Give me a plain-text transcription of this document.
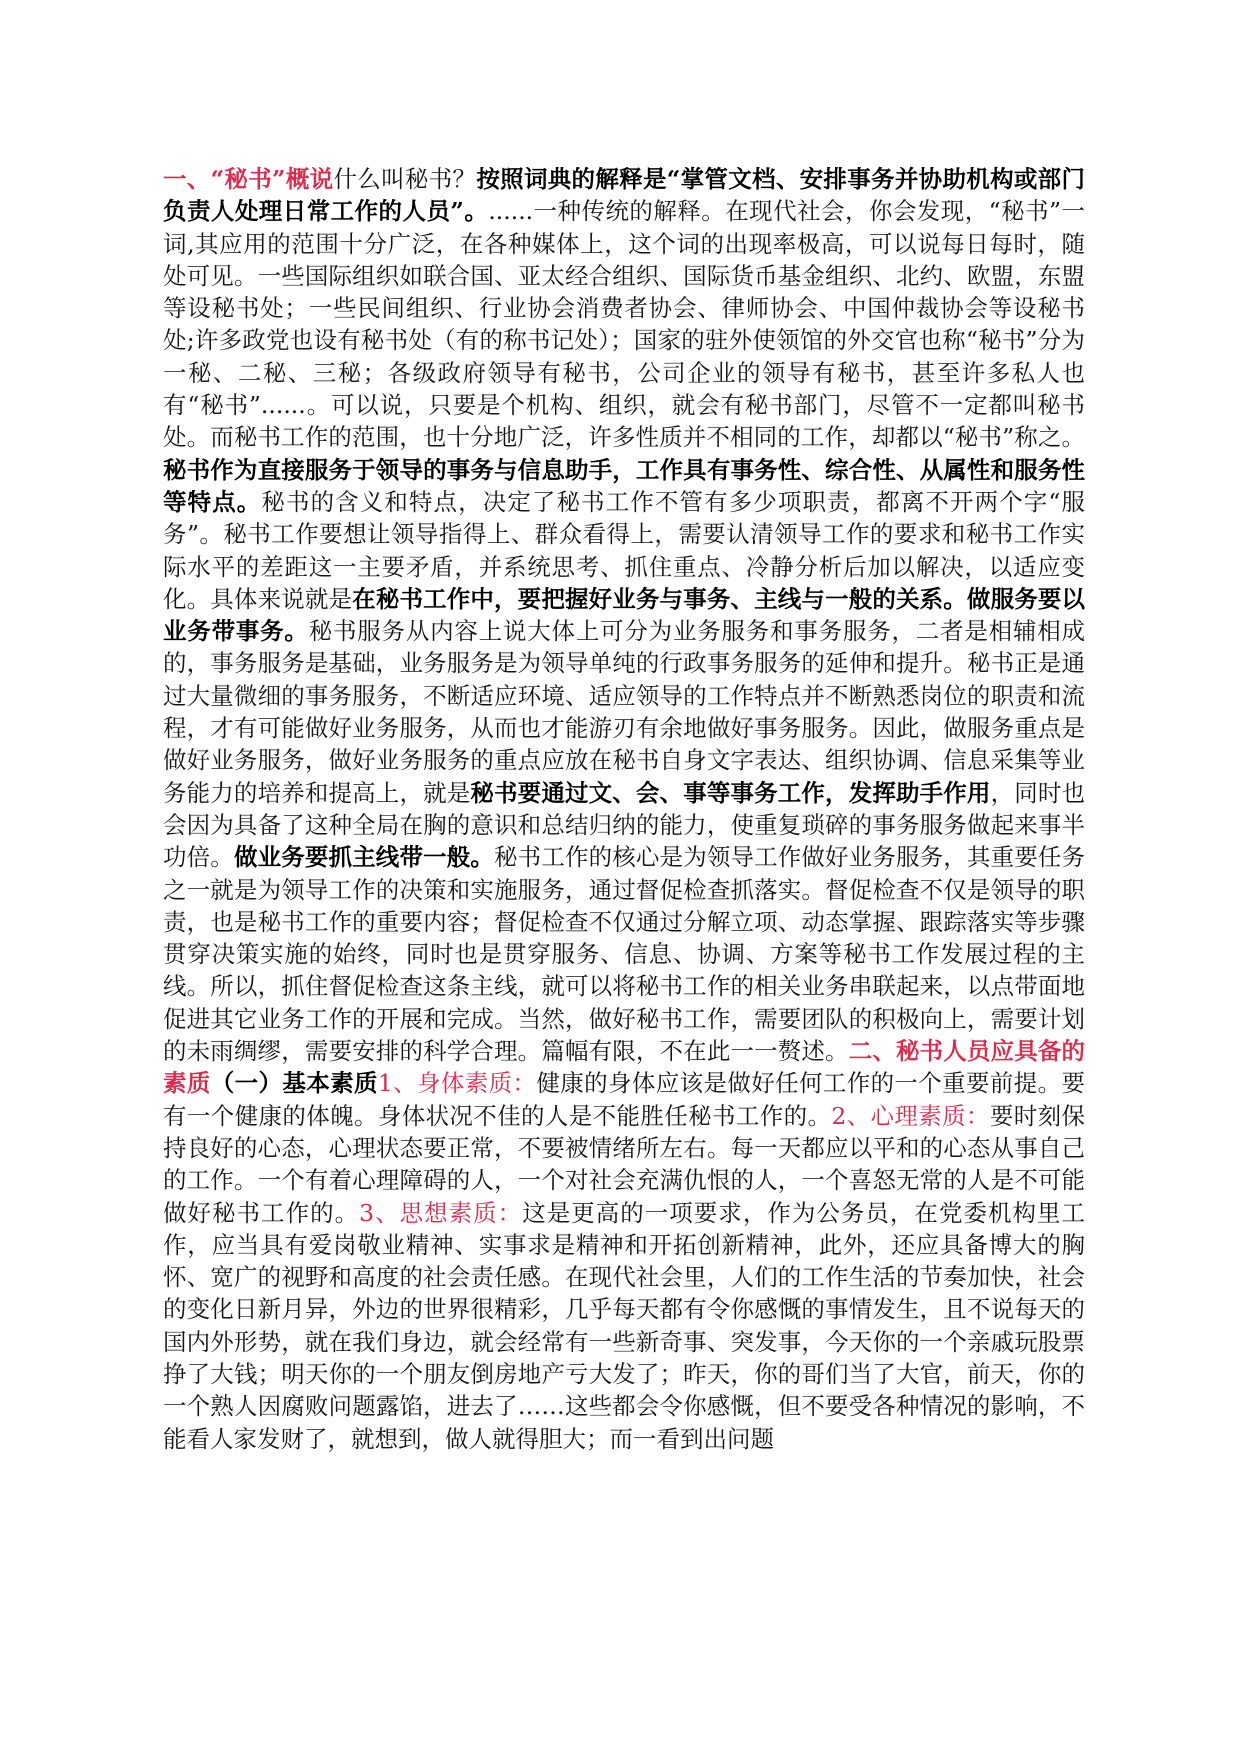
一、“秘书”概说什么叫秘书？按照词典的解释是“掌管文档、安排事务并协助机构或部门负责人处理日常工作的人员”。......一种传统的解释。在现代社会，你会发现，“秘书”一词,其应用的范围十分广泛，在各种媒体上，这个词的出现率极高，可以说每日每时，随处可见。一些国际组织如联合国、亚太经合组织、国际货币基金组织、北约、欧盟，东盟等设秘书处；一些民间组织、行业协会消费者协会、律师协会、中国仲裁协会等设秘书处;许多政党也设有秘书处（有的称书记处）；国家的驻外使领馆的外交官也称“秘书”分为一秘、二秘、三秘；各级政府领导有秘书，公司企业的领导有秘书，甚至许多私人也有“秘书”......。可以说，只要是个机构、组织，就会有秘书部门，尽管不一定都叫秘书处。而秘书工作的范围，也十分地广泛，许多性质并不相同的工作，却都以“秘书”称之。秘书作为直接服务于领导的事务与信息助手，工作具有事务性、综合性、从属性和服务性等特点。秘书的含义和特点，决定了秘书工作不管有多少项职责，都离不开两个字“服务”。秘书工作要想让领导指得上、群众看得上，需要认清领导工作的要求和秘书工作实际水平的差距这一主要矛盾，并系统思考、抓住重点、冷静分析后加以解决，以适应变化。具体来说就是在秘书工作中，要把握好业务与事务、主线与一般的关系。做服务要以业务带事务。秘书服务从内容上说大体上可分为业务服务和事务服务，二者是相辅相成的，事务服务是基础，业务服务是为领导单纯的行政事务服务的延伸和提升。秘书正是通过大量微细的事务服务，不断适应环境、适应领导的工作特点并不断熟悉岗位的职责和流程，才有可能做好业务服务，从而也才能游刃有余地做好事务服务。因此，做服务重点是做好业务服务，做好业务服务的重点应放在秘书自身文字表达、组织协调、信息采集等业务能力的培养和提高上，就是秘书要通过文、会、事等事务工作，发挥助手作用，同时也会因为具备了这种全局在胸的意识和总结归纳的能力，使重复琐碎的事务服务做起来事半功倍。做业务要抓主线带一般。秘书工作的核心是为领导工作做好业务服务，其重要任务之一就是为领导工作的决策和实施服务，通过督促检查抓落实。督促检查不仅是领导的职责，也是秘书工作的重要内容；督促检查不仅通过分解立项、动态掌握、跟踪落实等步骤贯穿决策实施的始终，同时也是贯穿服务、信息、协调、方案等秘书工作发展过程的主线。所以，抓住督促检查这条主线，就可以将秘书工作的相关业务串联起来，以点带面地促进其它业务工作的开展和完成。当然，做好秘书工作，需要团队的积极向上，需要计划的未雨绸缪，需要安排的科学合理。篇幅有限，不在此一一赘述。二、秘书人员应具备的素质（一）基本素质1、身体素质：健康的身体应该是做好任何工作的一个重要前提。要有一个健康的体魄。身体状况不佳的人是不能胜任秘书工作的。2、心理素质：要时刻保持良好的心态，心理状态要正常，不要被情绪所左右。每一天都应以平和的心态从事自己的工作。一个有着心理障碍的人，一个对社会充满仇恨的人，一个喜怒无常的人是不可能做好秘书工作的。3、思想素质：这是更高的一项要求，作为公务员，在党委机构里工作，应当具有爱岗敬业精神、实事求是精神和开拓创新精神，此外，还应具备博大的胸怀、宽广的视野和高度的社会责任感。在现代社会里，人们的工作生活的节奏加快，社会的变化日新月异，外边的世界很精彩，几乎每天都有令你感慨的事情发生，且不说每天的国内外形势，就在我们身边，就会经常有一些新奇事、突发事，今天你的一个亲戚玩股票挣了大钱；明天你的一个朋友倒房地产亏大发了；昨天，你的哥们当了大官，前天，你的一个熟人因腐败问题露馅，进去了……这些都会令你感慨，但不要受各种情况的影响，不能看人家发财了，就想到，做人就得胆大；而一看到出问题
